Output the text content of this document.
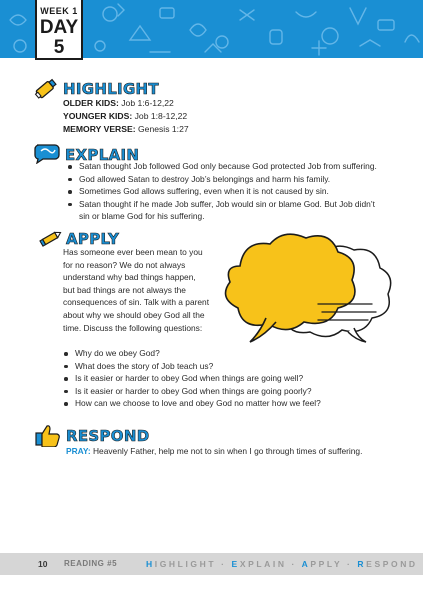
WEEK 1
DAY 5
HIGHLIGHT
OLDER KIDS: Job 1:6-12,22
YOUNGER KIDS: Job 1:8-12,22
MEMORY VERSE: Genesis 1:27
EXPLAIN
Satan thought Job followed God only because God protected Job from suffering.
God allowed Satan to destroy Job’s belongings and harm his family.
Sometimes God allows suffering, even when it is not caused by sin.
Satan thought if he made Job suffer, Job would sin or blame God. But Job didn’t
sin or blame God for his suffering.
APPLY
Has someone ever been mean to you
for no reason? We do not always
understand why bad things happen,
but bad things are not always the
consequences of sin. Talk with a parent
about why we should obey God all the
time. Discuss the following questions:
Why do we obey God?
What does the story of Job teach us?
Is it easier or harder to obey God when things are going well?
Is it easier or harder to obey God when things are going poorly?
How can we choose to love and obey God no matter how we feel?
RESPOND
PRAY: Heavenly Father, help me not to sin when I go through times of suffering.
10 READING #5	HIGHLIGHT · EXPLAIN · APPLY · RESPOND
